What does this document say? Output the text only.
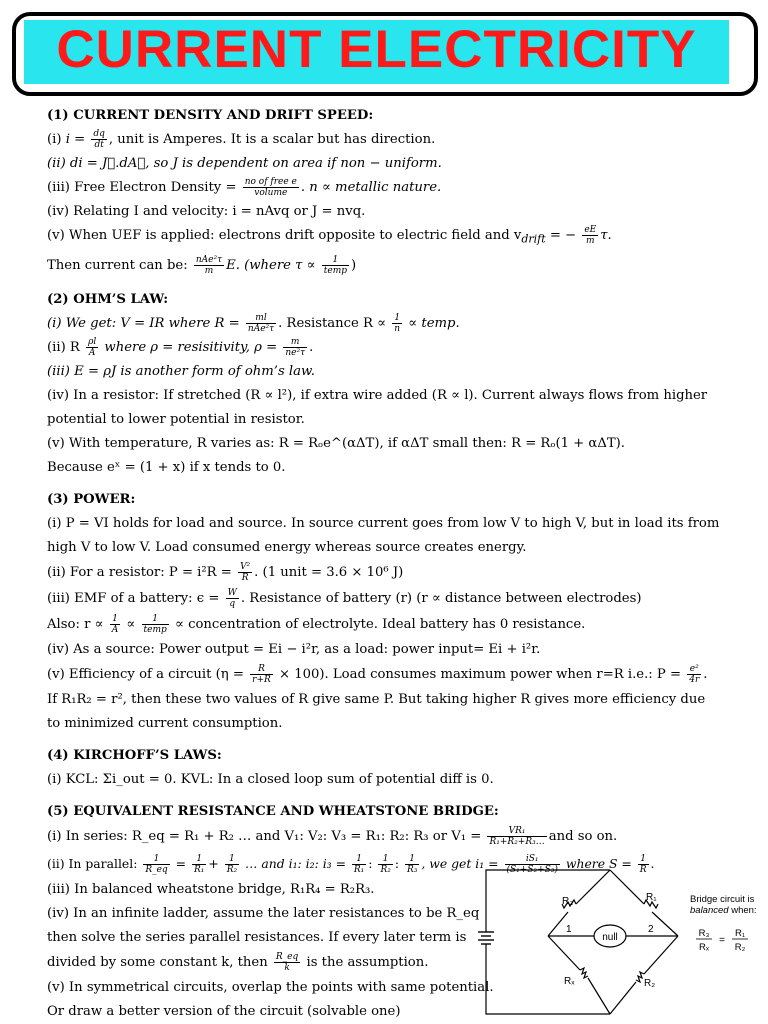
CURRENT ELECTRICITY
(1) CURRENT DENSITY AND DRIFT SPEED:
(i) $i = \frac{dq}{dt}$ , unit is Amperes. It is a scalar but has direction.
(ii) di = J⃗.dA⃗, so J is dependent on area if non − uniform.
(iii) Free Electron Density = $\frac{\text{no of free e}}{\text{volume}}$ . n ∝ metallic nature.
(iv) Relating I and velocity: i = nAvq or J = nvq.
(v) When UEF is applied: electrons drift opposite to electric field and $v_{drift}$ = − $\frac{eE}{m} \tau$.
Then current can be: $\frac{\text{nAe²τ}}{m} E$. (where $\tau \propto \frac{1}{\text{temp}}$ )
(2) OHM’S LAW:
(i) We get: V = IR where $R = \frac{ml}{\text{nAe²τ}}$ . Resistance $R \propto \frac{1}{n}$ ∝ temp.
(ii) R $\frac{\rho l}{A}$ where ρ = resisitivity, $\rho = \frac{m}{\text{ne²τ}}$ .
(iii) E = ρJ is another form of ohm’s law.
(iv) In a resistor: If stretched (R ∝ l²), if extra wire added (R ∝ l). Current always flows from higher
potential to lower potential in resistor.
(v) With temperature, R varies as: R = Rₒe^(αΔT), if αΔT small then: R = Rₒ(1 + αΔT).
Because eˣ = (1 + x) if x tends to 0.
(3) POWER:
(i) P = VI holds for load and source. In source current goes from low V to high V, but in load its from
high V to low V. Load consumed energy whereas source creates energy.
(ii) For a resistor: $P = i^2R = \frac{\text{V²}}{R}$ . (1 unit = 3.6 × 10⁶ J)
(iii) EMF of a battery: $\epsilon = \frac{W}{q}$ . Resistance of battery (r) (r ∝ distance between electrodes)
Also: $r \propto \frac{1}{A} \propto \frac{1}{\text{temp}}$ ∝ concentration of electrolyte. Ideal battery has 0 resistance.
(iv) As a source: Power output = Ei − i²r, as a load: power input= Ei + i²r.
(v) Efficiency of a circuit $(\eta = \frac{R}{r+R} \times 100)$. Load consumes maximum power when r=R i.e.: $P = \frac{\text{e²}}{4r}$ .
If R₁R₂ = r², then these two values of R give same P. But taking higher R gives more efficiency due
to minimized current consumption.
(4) KIRCHOFF’S LAWS:
(i) KCL: Σi_out = 0. KVL: In a closed loop sum of potential diff is 0.
(5) EQUIVALENT RESISTANCE AND WHEATSTONE BRIDGE:
(i) In series: R_eq = R₁ + R₂ … and V₁: V₂: V₃ = R₁: R₂: R₃ or $V_1 = \frac{\text{VR₁}}{\text{R₁+R₂+R₃…}}$ and so on.
(ii) In parallel: $\frac{1}{R\_eq} = \frac{1}{\text{R₁}} + \frac{1}{\text{R₂}}$ … and i₁: i₂: $i_3 = \frac{1}{\text{R₁}}$ : $\frac{1}{\text{R₂}}$ : $\frac{1}{\text{R₃}}$ , we get $i_1 = \frac{\text{iS₁}}{\text{(S₁+S₂+S₃)}}$ where $S = \frac{1}{R}$ .
(iii) In balanced wheatstone bridge, R₁R₄ = R₂R₃.
(iv) In an infinite ladder, assume the later resistances to be R_eq
then solve the series parallel resistances. If every later term is
divided by some constant k, then $\frac{R\_eq}{k}$ is the assumption.
(v) In symmetrical circuits, overlap the points with same potential.
Or draw a better version of the circuit (solvable one)
null
R₃	R₁
Rₓ	R₂
1	2
Bridge circuit is
balanced when:
R₃
Rₓ
=
R₁
R₂
